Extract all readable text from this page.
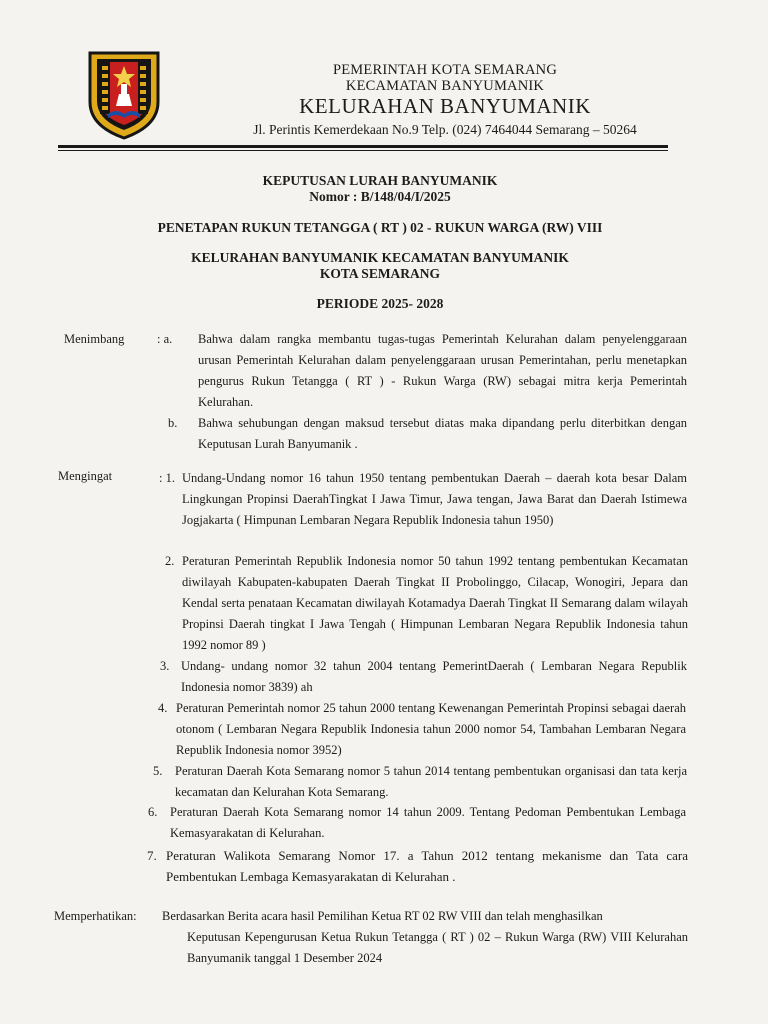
PEMERINTAH KOTA SEMARANG
KECAMATAN BANYUMANIK
KELURAHAN BANYUMANIK
Jl. Perintis Kemerdekaan No.9 Telp. (024) 7464044 Semarang – 50264
KEPUTUSAN LURAH BANYUMANIK
Nomor : B/148/04/I/2025
PENETAPAN RUKUN TETANGGA ( RT ) 02 - RUKUN WARGA (RW) VIII
KELURAHAN BANYUMANIK KECAMATAN BANYUMANIK
KOTA SEMARANG
PERIODE 2025- 2028
Menimbang	: a. Bahwa dalam rangka membantu tugas-tugas Pemerintah Kelurahan dalam penyelenggaraan urusan Pemerintah Kelurahan dalam penyelenggaraan urusan Pemerintahan, perlu menetapkan pengurus Rukun Tetangga ( RT ) - Rukun Warga (RW) sebagai mitra kerja Pemerintah Kelurahan.
b. Bahwa sehubungan dengan maksud tersebut diatas maka dipandang perlu diterbitkan dengan Keputusan Lurah Banyumanik .
Mengingat	: 1. Undang-Undang nomor 16 tahun 1950 tentang pembentukan Daerah – daerah kota besar Dalam Lingkungan Propinsi DaerahTingkat I Jawa Timur, Jawa tengan, Jawa Barat dan Daerah Istimewa Jogjakarta ( Himpunan Lembaran Negara Republik Indonesia tahun 1950)
2. Peraturan Pemerintah Republik Indonesia nomor 50 tahun 1992 tentang pembentukan Kecamatan diwilayah Kabupaten-kabupaten Daerah Tingkat II Probolinggo, Cilacap, Wonogiri, Jepara dan Kendal serta penataan Kecamatan diwilayah Kotamadya Daerah Tingkat II Semarang dalam wilayah Propinsi Daerah tingkat I Jawa Tengah ( Himpunan Lembaran Negara Republik Indonesia tahun 1992 nomor 89 )
3. Undang- undang nomor 32 tahun 2004 tentang PemerintDaerah ( Lembaran Negara Republik Indonesia nomor 3839) ah
4. Peraturan Pemerintah nomor 25 tahun 2000 tentang Kewenangan Pemerintah Propinsi sebagai daerah otonom ( Lembaran Negara Republik Indonesia tahun 2000 nomor 54, Tambahan Lembaran Negara Republik Indonesia nomor 3952)
5. Peraturan Daerah Kota Semarang nomor 5 tahun 2014 tentang pembentukan organisasi dan tata kerja kecamatan dan Kelurahan Kota Semarang.
6. Peraturan Daerah Kota Semarang nomor 14 tahun 2009. Tentang Pedoman Pembentukan Lembaga Kemasyarakatan di Kelurahan.
7. Peraturan Walikota Semarang Nomor 17. a Tahun 2012 tentang mekanisme dan Tata cara Pembentukan Lembaga Kemasyarakatan di Kelurahan .
Memperhatikan: Berdasarkan Berita acara hasil Pemilihan Ketua RT 02 RW VIII dan telah menghasilkan
Keputusan Kepengurusan Ketua Rukun Tetangga ( RT ) 02 – Rukun Warga (RW) VIII Kelurahan Banyumanik tanggal 1 Desember 2024
